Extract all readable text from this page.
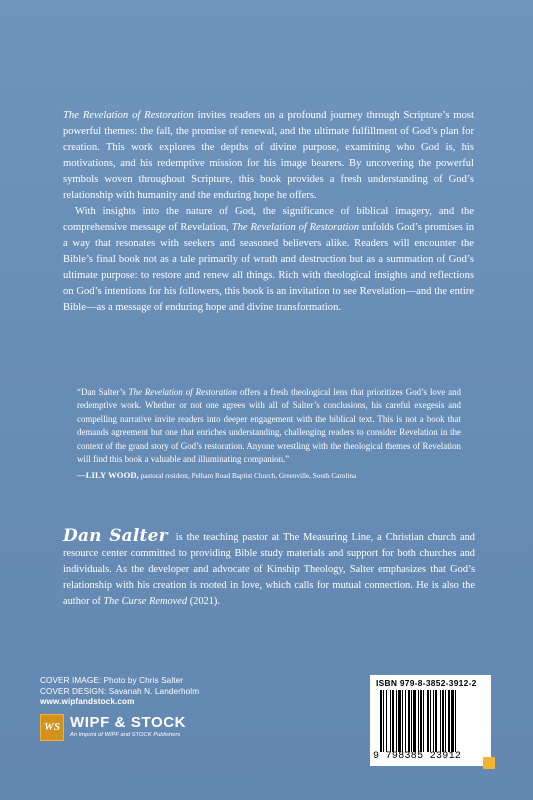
The Revelation of Restoration invites readers on a profound journey through Scripture’s most powerful themes: the fall, the promise of renewal, and the ultimate fulfillment of God’s plan for creation. This work explores the depths of divine purpose, examining who God is, his motivations, and his redemptive mission for his image bearers. By uncovering the powerful symbols woven throughout Scripture, this book provides a fresh understanding of God’s relationship with humanity and the enduring hope he offers.

With insights into the nature of God, the significance of biblical imagery, and the comprehensive message of Revelation, The Revelation of Restoration unfolds God’s promises in a way that resonates with seekers and seasoned believers alike. Readers will encounter the Bible’s final book not as a tale primarily of wrath and destruction but as a summation of God’s ultimate purpose: to restore and renew all things. Rich with theological insights and reflections on God’s intentions for his followers, this book is an invitation to see Revelation—and the entire Bible—as a message of enduring hope and divine transformation.

“Dan Salter’s The Revelation of Restoration offers a fresh theological lens that prioritizes God’s love and redemptive work. Whether or not one agrees with all of Salter’s conclusions, his careful exegesis and compelling narrative invite readers into deeper engagement with the biblical text. This is not a book that demands agreement but one that enriches understanding, challenging readers to consider Revelation in the context of the grand story of God’s restoration. Anyone wrestling with the theological themes of Revelation will find this book a valuable and illuminating companion.”

—LILY WOOD, pastoral resident, Pelham Road Baptist Church, Greenville, South Carolina

Dan Salter is the teaching pastor at The Measuring Line, a Christian church and resource center committed to providing Bible study materials and support for both churches and individuals. As the developer and advocate of Kinship Theology, Salter emphasizes that God’s relationship with his creation is rooted in love, which calls for mutual connection. He is also the author of The Curse Removed (2021).
COVER IMAGE: Photo by Chris Salter
COVER DESIGN: Savanah N. Landerholm
www.wipfandstock.com
WS WIPF & STOCK
An Imprint of WIPF and STOCK Publishers
ISBN 979-8-3852-3912-2
9 798385 23912
